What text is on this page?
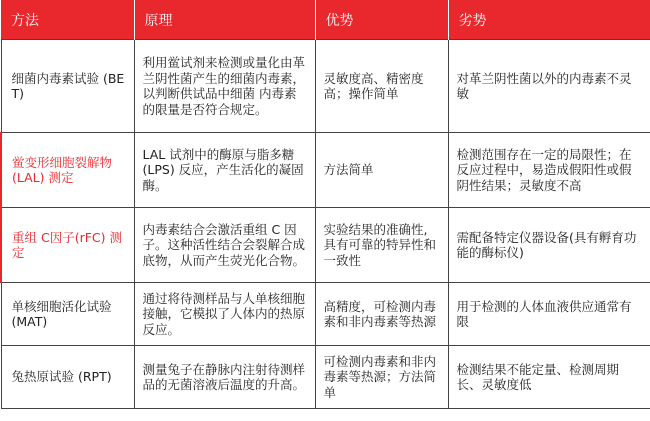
方法	原理	优势	劣势
细菌内毒素试验 (BET)	利用鲎试剂来检测或量化由革兰阴性菌产生的细菌内毒素，以判断供试品中细菌 内毒素的限量是否符合规定。	灵敏度高、精密度高；操作简单	对革兰阴性菌以外的内毒素不灵敏
鲎变形细胞裂解物 (LAL) 测定	LAL 试剂中的酶原与脂多糖 (LPS) 反应，产生活化的凝固酶。	方法简单	检测范围存在一定的局限性；在反应过程中，易造成假阳性或假阴性结果；灵敏度不高
重组 C因子(rFC) 测定	内毒素结合会激活重组 C 因子。这种活性结合会裂解合成底物，从而产生荧光化合物。	实验结果的准确性,具有可靠的特异性和一致性	需配备特定仪器设备(具有孵育功能的酶标仪)
单核细胞活化试验 (MAT)	通过将待测样品与人单核细胞接触，它模拟了人体内的热原反应。	高精度，可检测内毒素和非内毒素等热源	用于检测的人体血液供应通常有限
兔热原试验 (RPT)	测量兔子在静脉内注射待测样品的无菌溶液后温度的升高。	可检测内毒素和非内毒素等热源；方法简单	检测结果不能定量、检测周期长、灵敏度低
